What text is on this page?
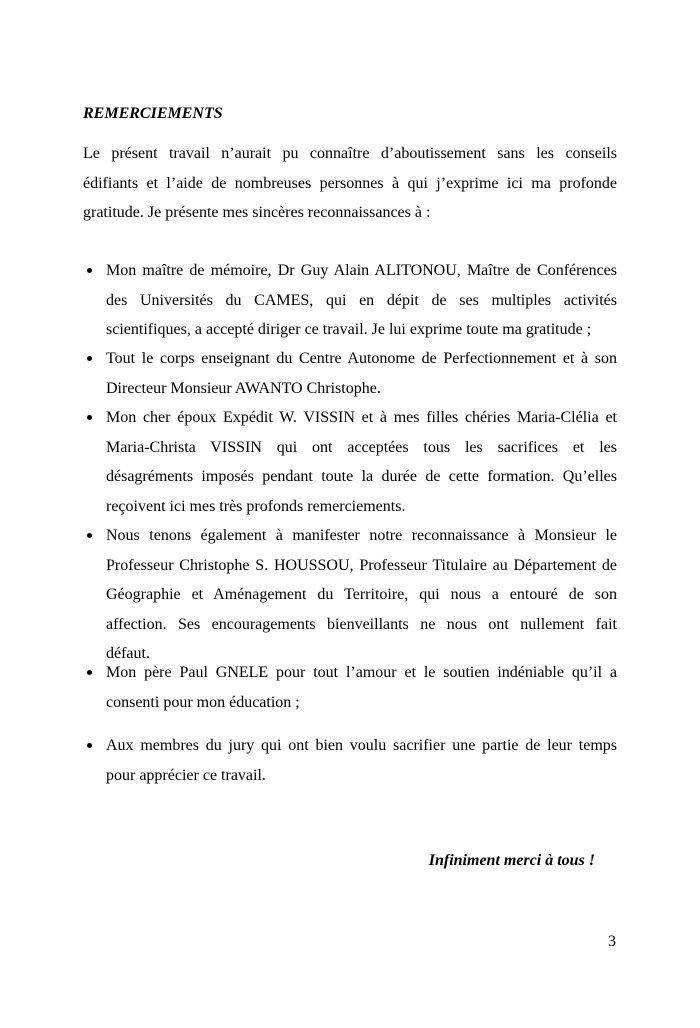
REMERCIEMENTS
Le présent travail n’aurait pu connaître d’aboutissement sans les conseils
édifiants et l’aide de nombreuses personnes à qui j’exprime ici ma profonde
gratitude. Je présente mes sincères reconnaissances à :
Mon maître de mémoire, Dr Guy Alain ALITONOU, Maître de Conférences
des Universités du CAMES, qui en dépit de ses multiples activités
scientifiques, a accepté diriger ce travail. Je lui exprime toute ma gratitude ;
Tout le corps enseignant du Centre Autonome de Perfectionnement et à son
Directeur Monsieur AWANTO Christophe.
Mon cher époux Expédit W. VISSIN et à mes filles chéries Maria-Clélia et
Maria-Christa VISSIN qui ont acceptées tous les sacrifices et les
désagréments imposés pendant toute la durée de cette formation. Qu’elles
reçoivent ici mes très profonds remerciements.
Nous tenons également à manifester notre reconnaissance à Monsieur le
Professeur Christophe S. HOUSSOU, Professeur Titulaire au Département de
Géographie et Aménagement du Territoire, qui nous a entouré de son
affection. Ses encouragements bienveillants ne nous ont nullement fait
défaut.
Mon père Paul GNELE pour tout l’amour et le soutien indéniable qu’il a
consenti pour mon éducation ;
Aux membres du jury qui ont bien voulu sacrifier une partie de leur temps
pour apprécier ce travail.
Infiniment merci à tous !
3
